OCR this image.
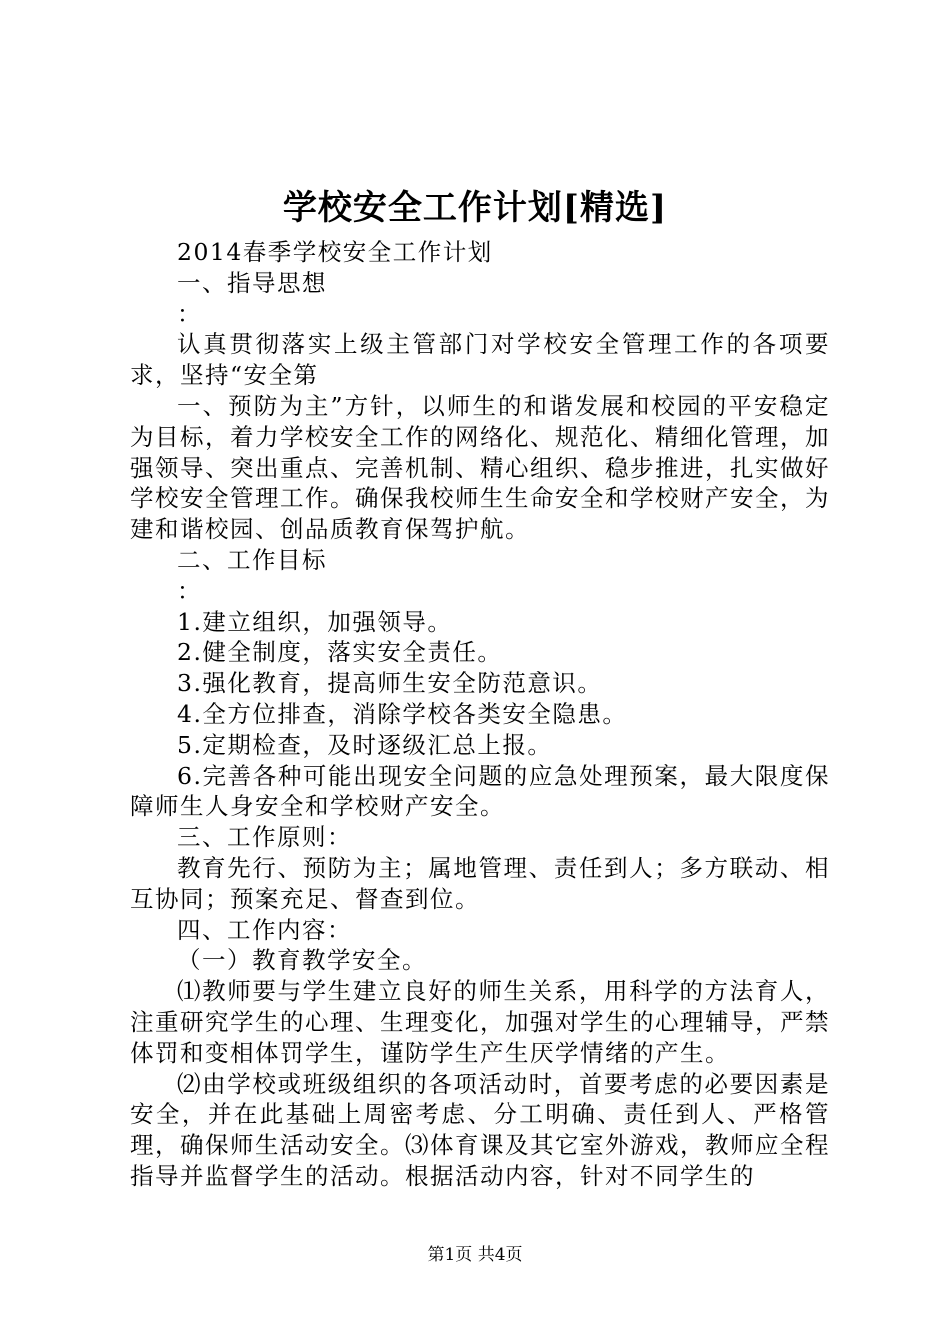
学校安全工作计划[精选]

2014春季学校安全工作计划

一、指导思想

：

认真贯彻落实上级主管部门对学校安全管理工作的各项要求，坚持“安全第

一、预防为主”方针，以师生的和谐发展和校园的平安稳定为目标，着力学校安全工作的网络化、规范化、精细化管理，加强领导、突出重点、完善机制、精心组织、稳步推进，扎实做好学校安全管理工作。确保我校师生生命安全和学校财产安全，为建和谐校园、创品质教育保驾护航。

二、工作目标

：

1.建立组织，加强领导。

2.健全制度，落实安全责任。

3.强化教育，提高师生安全防范意识。

4.全方位排查，消除学校各类安全隐患。

5.定期检查，及时逐级汇总上报。

6.完善各种可能出现安全问题的应急处理预案，最大限度保障师生人身安全和学校财产安全。

三、工作原则：

教育先行、预防为主；属地管理、责任到人；多方联动、相互协同；预案充足、督查到位。

四、工作内容：

（一）教育教学安全。

⑴教师要与学生建立良好的师生关系，用科学的方法育人，注重研究学生的心理、生理变化，加强对学生的心理辅导，严禁体罚和变相体罚学生，谨防学生产生厌学情绪的产生。

⑵由学校或班级组织的各项活动时，首要考虑的必要因素是安全，并在此基础上周密考虑、分工明确、责任到人、严格管理，确保师生活动安全。⑶体育课及其它室外游戏，教师应全程指导并监督学生的活动。根据活动内容，针对不同学生的

第1页 共4页
